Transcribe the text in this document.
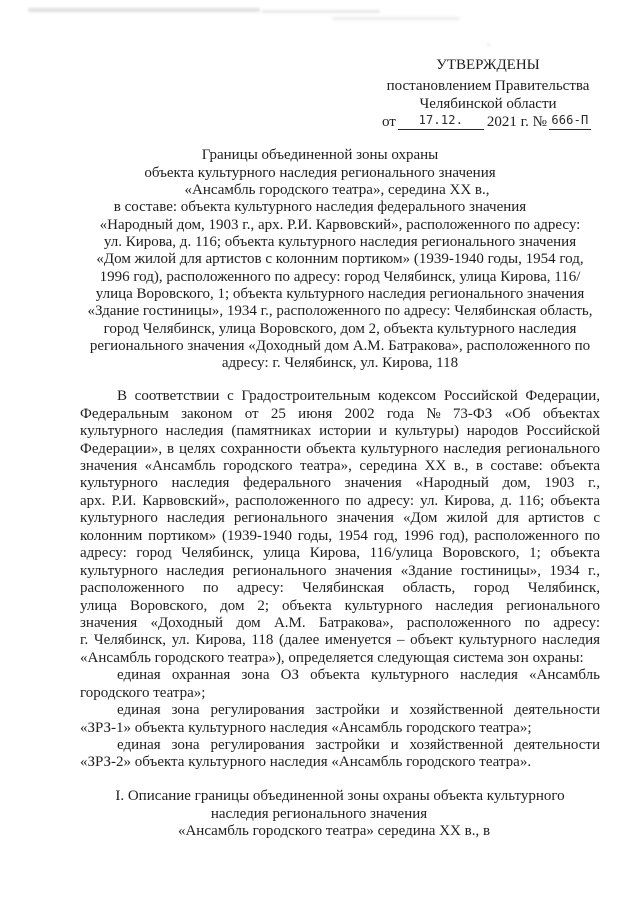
УТВЕРЖДЕНЫ
постановлением Правительства
Челябинской области
от 17.12. 2021 г. № 666-П
Границы объединенной зоны охраны
объекта культурного наследия регионального значения
«Ансамбль городского театра», середина XX в.,
в составе: объекта культурного наследия федерального значения
«Народный дом, 1903 г., арх. Р.И. Карвовский», расположенного по адресу:
ул. Кирова, д. 116; объекта культурного наследия регионального значения
«Дом жилой для артистов с колонним портиком» (1939-1940 годы, 1954 год,
1996 год), расположенного по адресу: город Челябинск, улица Кирова, 116/
улица Воровского, 1; объекта культурного наследия регионального значения
«Здание гостиницы», 1934 г., расположенного по адресу: Челябинская область,
город Челябинск, улица Воровского, дом 2, объекта культурного наследия
регионального значения «Доходный дом А.М. Батракова», расположенного по
адресу: г. Челябинск, ул. Кирова, 118
В соответствии с Градостроительным кодексом Российской Федерации,
Федеральным законом от 25 июня 2002 года № 73-ФЗ «Об объектах
культурного наследия (памятниках истории и культуры) народов Российской
Федерации», в целях сохранности объекта культурного наследия регионального
значения «Ансамбль городского театра», середина XX в., в составе: объекта
культурного наследия федерального значения «Народный дом, 1903 г.,
арх. Р.И. Карвовский», расположенного по адресу: ул. Кирова, д. 116; объекта
культурного наследия регионального значения «Дом жилой для артистов с
колонним портиком» (1939-1940 годы, 1954 год, 1996 год), расположенного по
адресу: город Челябинск, улица Кирова, 116/улица Воровского, 1; объекта
культурного наследия регионального значения «Здание гостиницы», 1934 г.,
расположенного по адресу: Челябинская область, город Челябинск,
улица Воровского, дом 2; объекта культурного наследия регионального
значения «Доходный дом А.М. Батракова», расположенного по адресу:
г. Челябинск, ул. Кирова, 118 (далее именуется – объект культурного наследия
«Ансамбль городского театра»), определяется следующая система зон охраны:
единая охранная зона ОЗ объекта культурного наследия «Ансамбль
городского театра»;
единая зона регулирования застройки и хозяйственной деятельности
«ЗРЗ-1» объекта культурного наследия «Ансамбль городского театра»;
единая зона регулирования застройки и хозяйственной деятельности
«ЗРЗ-2» объекта культурного наследия «Ансамбль городского театра».
I. Описание границы объединенной зоны охраны объекта культурного
наследия регионального значения
«Ансамбль городского театра» середина XX в., в
